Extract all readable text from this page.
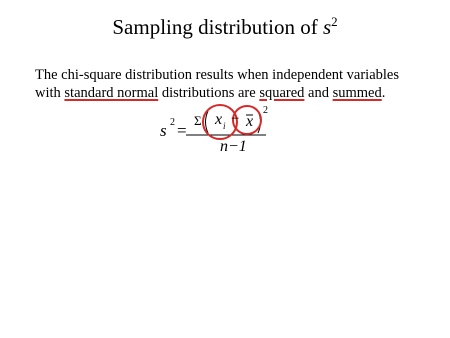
Sampling distribution of $s^2$
The chi-square distribution results when independent variables
with standard normal distributions are squared and summed.
s 2 =
Σ x i − x
2
n−1
